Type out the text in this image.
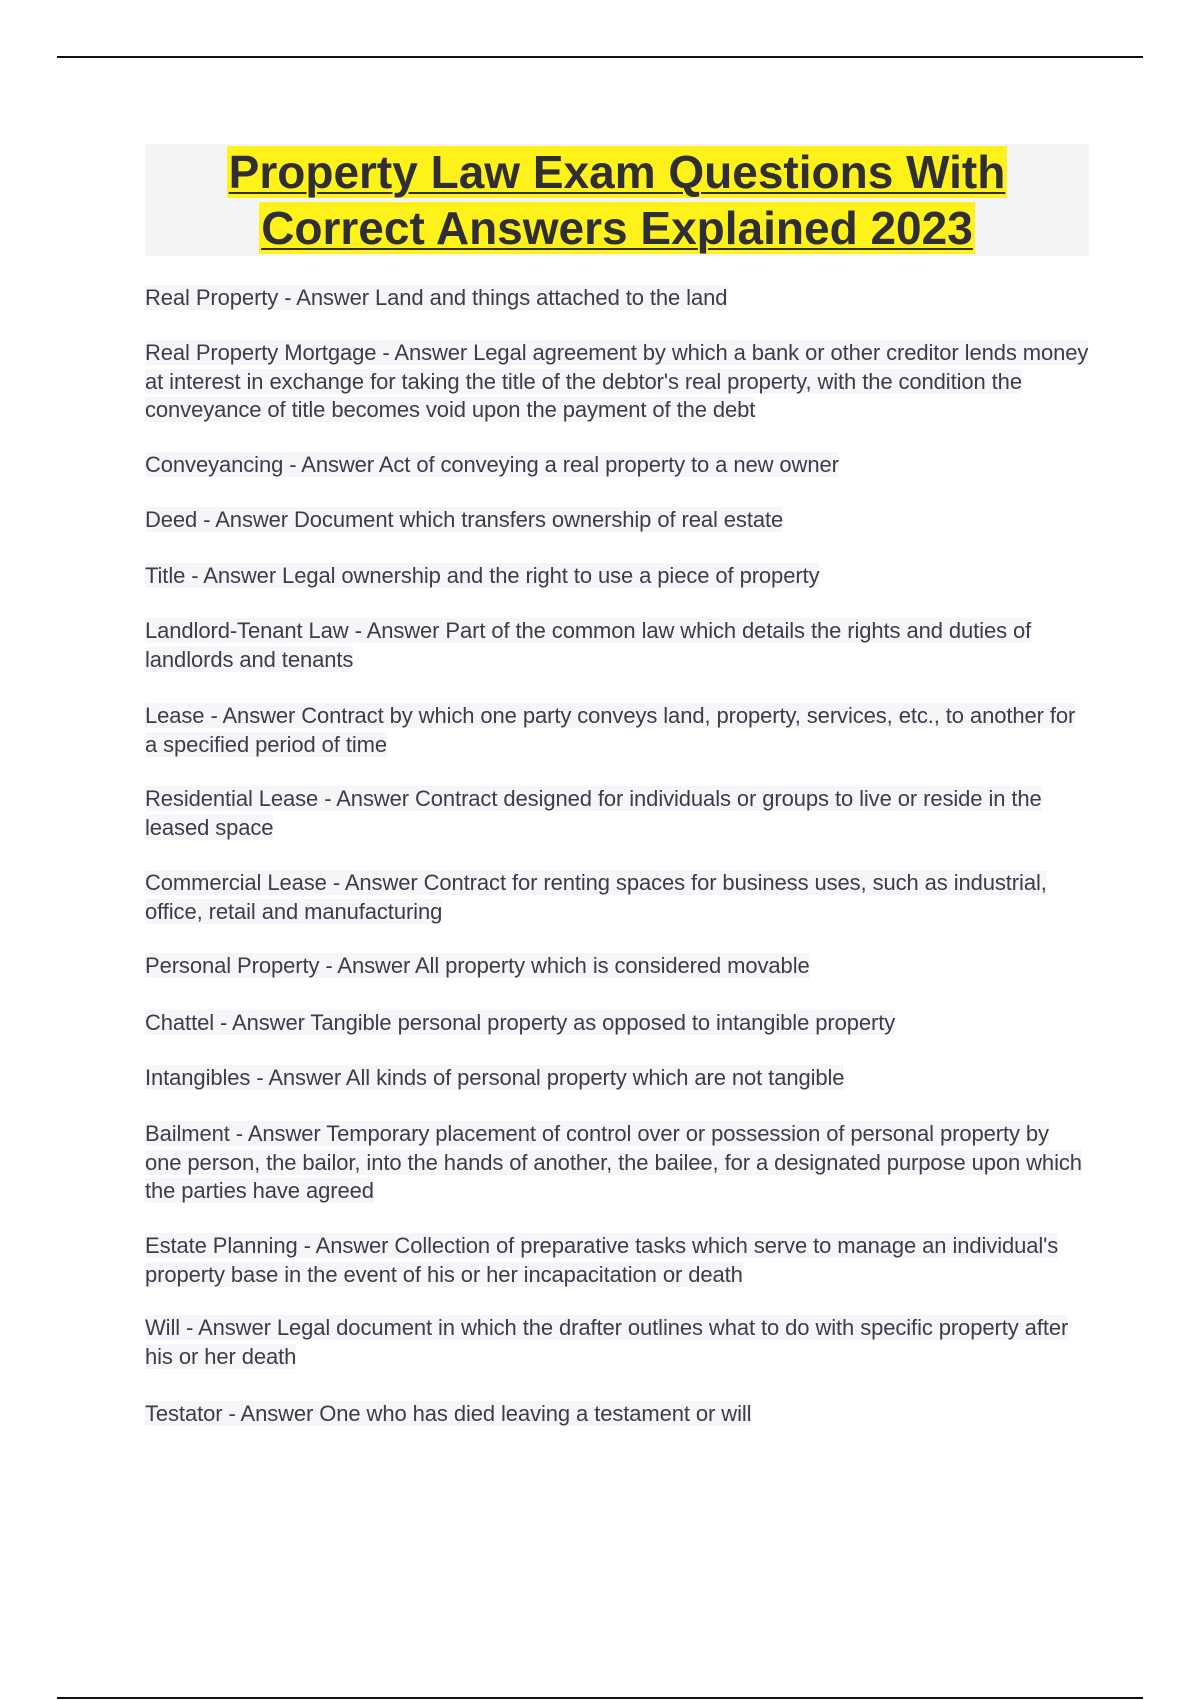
Property Law Exam Questions With
Correct Answers Explained 2023

Real Property - Answer Land and things attached to the land

Real Property Mortgage - Answer Legal agreement by which a bank or other creditor lends money at interest in exchange for taking the title of the debtor's real property, with the condition the conveyance of title becomes void upon the payment of the debt

Conveyancing - Answer Act of conveying a real property to a new owner

Deed - Answer Document which transfers ownership of real estate

Title - Answer Legal ownership and the right to use a piece of property

Landlord-Tenant Law - Answer Part of the common law which details the rights and duties of landlords and tenants

Lease - Answer Contract by which one party conveys land, property, services, etc., to another for a specified period of time

Residential Lease - Answer Contract designed for individuals or groups to live or reside in the leased space

Commercial Lease - Answer Contract for renting spaces for business uses, such as industrial, office, retail and manufacturing

Personal Property - Answer All property which is considered movable

Chattel - Answer Tangible personal property as opposed to intangible property

Intangibles - Answer All kinds of personal property which are not tangible

Bailment - Answer Temporary placement of control over or possession of personal property by one person, the bailor, into the hands of another, the bailee, for a designated purpose upon which the parties have agreed

Estate Planning - Answer Collection of preparative tasks which serve to manage an individual's property base in the event of his or her incapacitation or death

Will - Answer Legal document in which the drafter outlines what to do with specific property after his or her death

Testator - Answer One who has died leaving a testament or will
